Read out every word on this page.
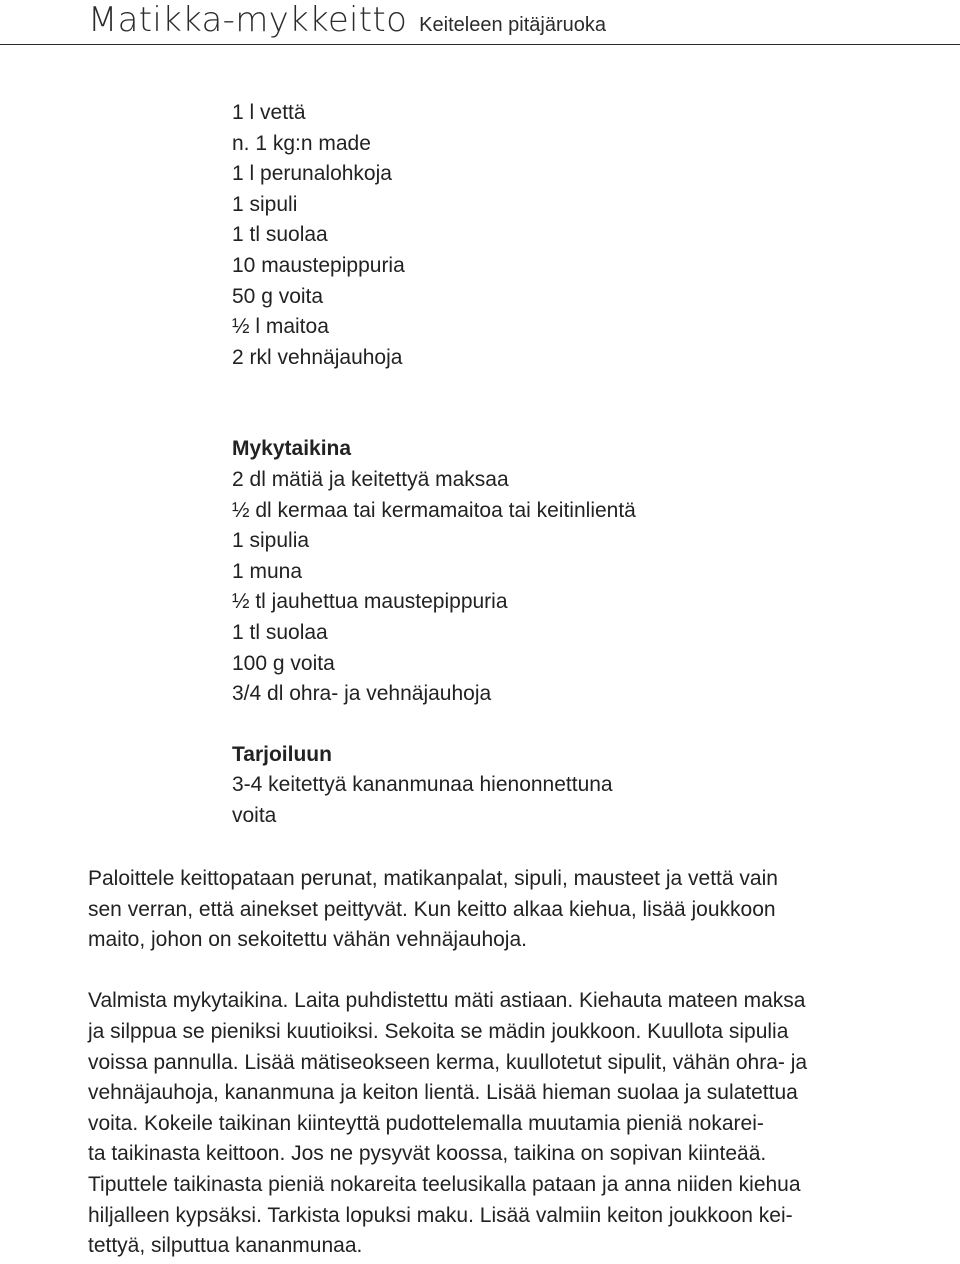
Matikka-mykkeitto Keiteleen pitäjäruoka
1 l vettä
n. 1 kg:n made
1 l perunalohkoja
1 sipuli
1 tl suolaa
10 maustepippuria
50 g voita
½ l maitoa
2 rkl vehnäjauhoja
Mykytaikina
2 dl mätiä ja keitettyä maksaa
½ dl kermaa tai kermamaitoa tai keitinlientä
1 sipulia
1 muna
½ tl jauhettua maustepippuria
1 tl suolaa
100 g voita
3/4 dl ohra- ja vehnäjauhoja
Tarjoiluun
3-4 keitettyä kananmunaa hienonnettuna
voita

Paloittele keittopataan perunat, matikanpalat, sipuli, mausteet ja vettä vain
sen verran, että ainekset peittyvät. Kun keitto alkaa kiehua, lisää joukkoon
maito, johon on sekoitettu vähän vehnäjauhoja.

Valmista mykytaikina. Laita puhdistettu mäti astiaan. Kiehauta mateen maksa
ja silppua se pieniksi kuutioiksi. Sekoita se mädin joukkoon. Kuullota sipulia
voissa pannulla. Lisää mätiseokseen kerma, kuullotetut sipulit, vähän ohra- ja
vehnäjauhoja, kananmuna ja keiton lientä. Lisää hieman suolaa ja sulatettua
voita. Kokeile taikinan kiinteyttä pudottelemalla muutamia pieniä nokarei-
ta taikinasta keittoon. Jos ne pysyvät koossa, taikina on sopivan kiinteää.
Tiputtele taikinasta pieniä nokareita teelusikalla pataan ja anna niiden kiehua
hiljalleen kypsäksi. Tarkista lopuksi maku. Lisää valmiin keiton joukkoon kei-
tettyä, silputtua kananmunaa.
